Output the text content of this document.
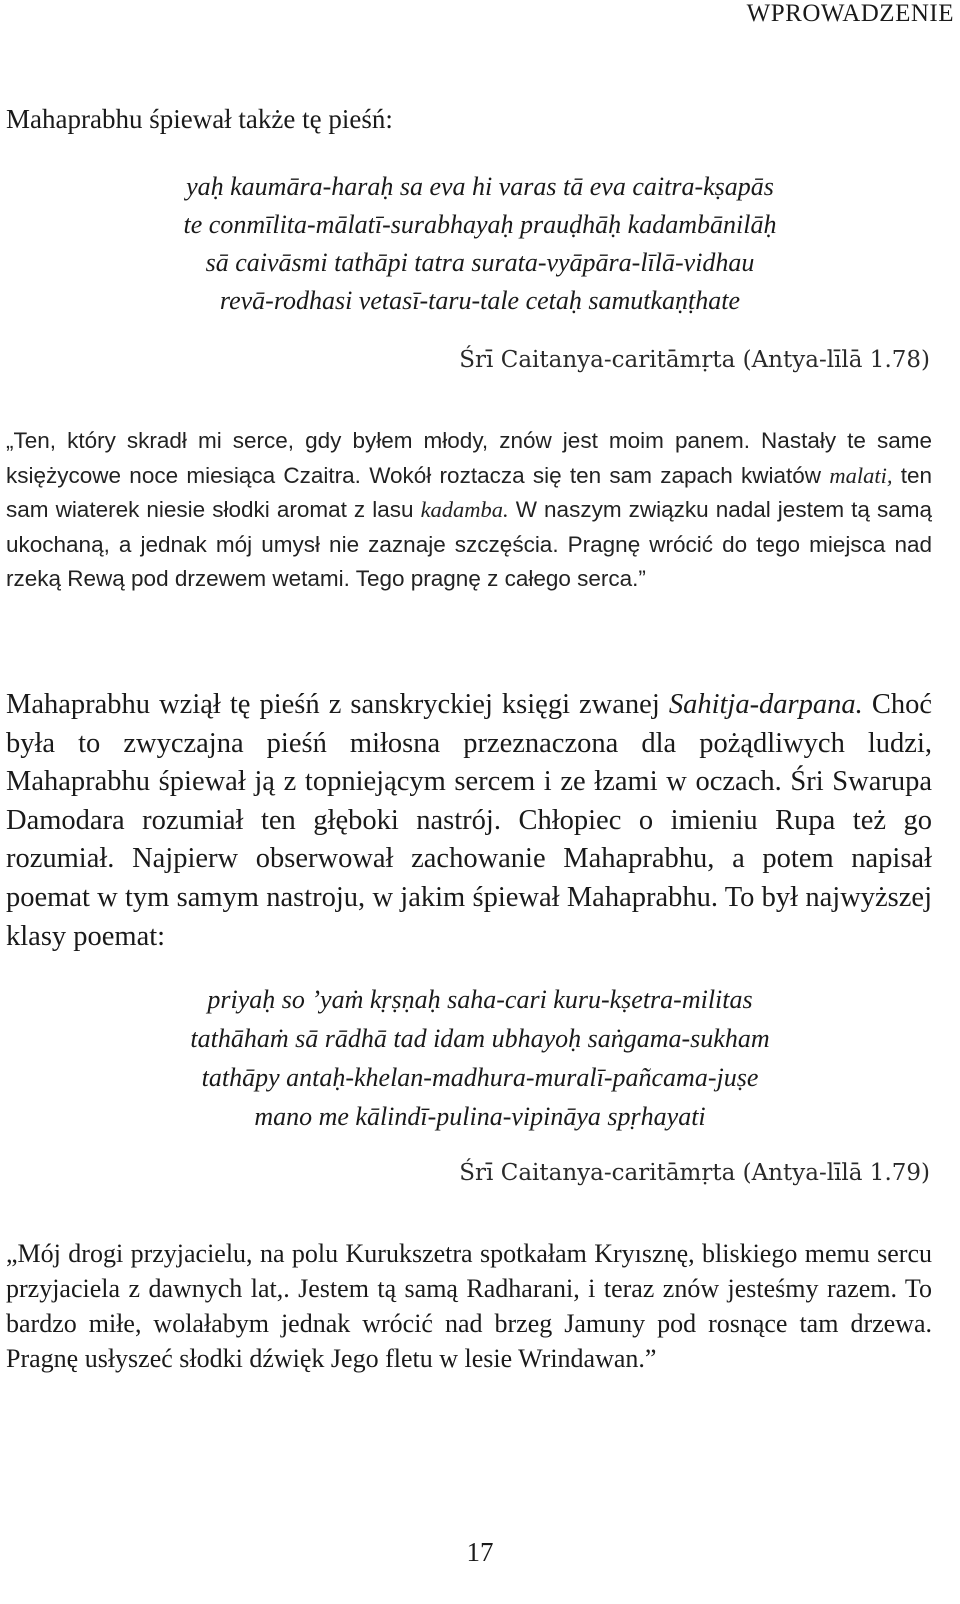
WPROWADZENIE

Mahaprabhu śpiewał także tę pieśń:

yaḥ kaumāra-haraḥ sa eva hi varas tā eva caitra-kṣapās
te conmīlita-mālatī-surabhayaḥ prauḍhāḥ kadambānilāḥ
sā caivāsmi tathāpi tatra surata-vyāpāra-līlā-vidhau
revā-rodhasi vetasī-taru-tale cetaḥ samutkaṇṭhate

Śrī Caitanya-caritāmṛta (Antya-līlā 1.78)

„Ten, który skradł mi serce, gdy byłem młody, znów jest moim panem. Nastały te same księżycowe noce miesiąca Czaitra. Wokół roztacza się ten sam zapach kwiatów malati, ten sam wiaterek niesie słodki aromat z lasu kadamba. W naszym związku nadal jestem tą samą ukochaną, a jednak mój umysł nie zaznaje szczęścia. Pragnę wrócić do tego miejsca nad rzeką Rewą pod drzewem wetami. Tego pragnę z całego serca.”

Mahaprabhu wziął tę pieśń z sanskryckiej księgi zwanej Sahitja-darpana. Choć była to zwyczajna pieśń miłosna przeznaczona dla pożądliwych ludzi, Mahaprabhu śpiewał ją z topniejącym sercem i ze łzami w oczach. Śri Swarupa Damodara rozumiał ten głęboki nastrój. Chłopiec o imieniu Rupa też go rozumiał. Najpierw obserwował zachowanie Mahaprabhu, a potem napisał poemat w tym samym nastroju, w jakim śpiewał Mahaprabhu. To był najwyższej klasy poemat:

priyaḥ so ’yaṁ kṛṣṇaḥ saha-cari kuru-kṣetra-militas
tathāhaṁ sā rādhā tad idam ubhayoḥ saṅgama-sukham
tathāpy antaḥ-khelan-madhura-muralī-pañcama-juṣe
mano me kālindī-pulina-vipināya spṛhayati

Śrī Caitanya-caritāmṛta (Antya-līlā 1.79)

„Mój drogi przyjacielu, na polu Kurukszetra spotkałam Kryısznę, bliskiego memu sercu przyjaciela z dawnych lat,. Jestem tą samą Radharani, i teraz znów jesteśmy razem. To bardzo miłe, wolałabym jednak wrócić nad brzeg Jamuny pod rosnące tam drzewa. Pragnę usłyszeć słodki dźwięk Jego fletu w lesie Wrindawan.”

17
